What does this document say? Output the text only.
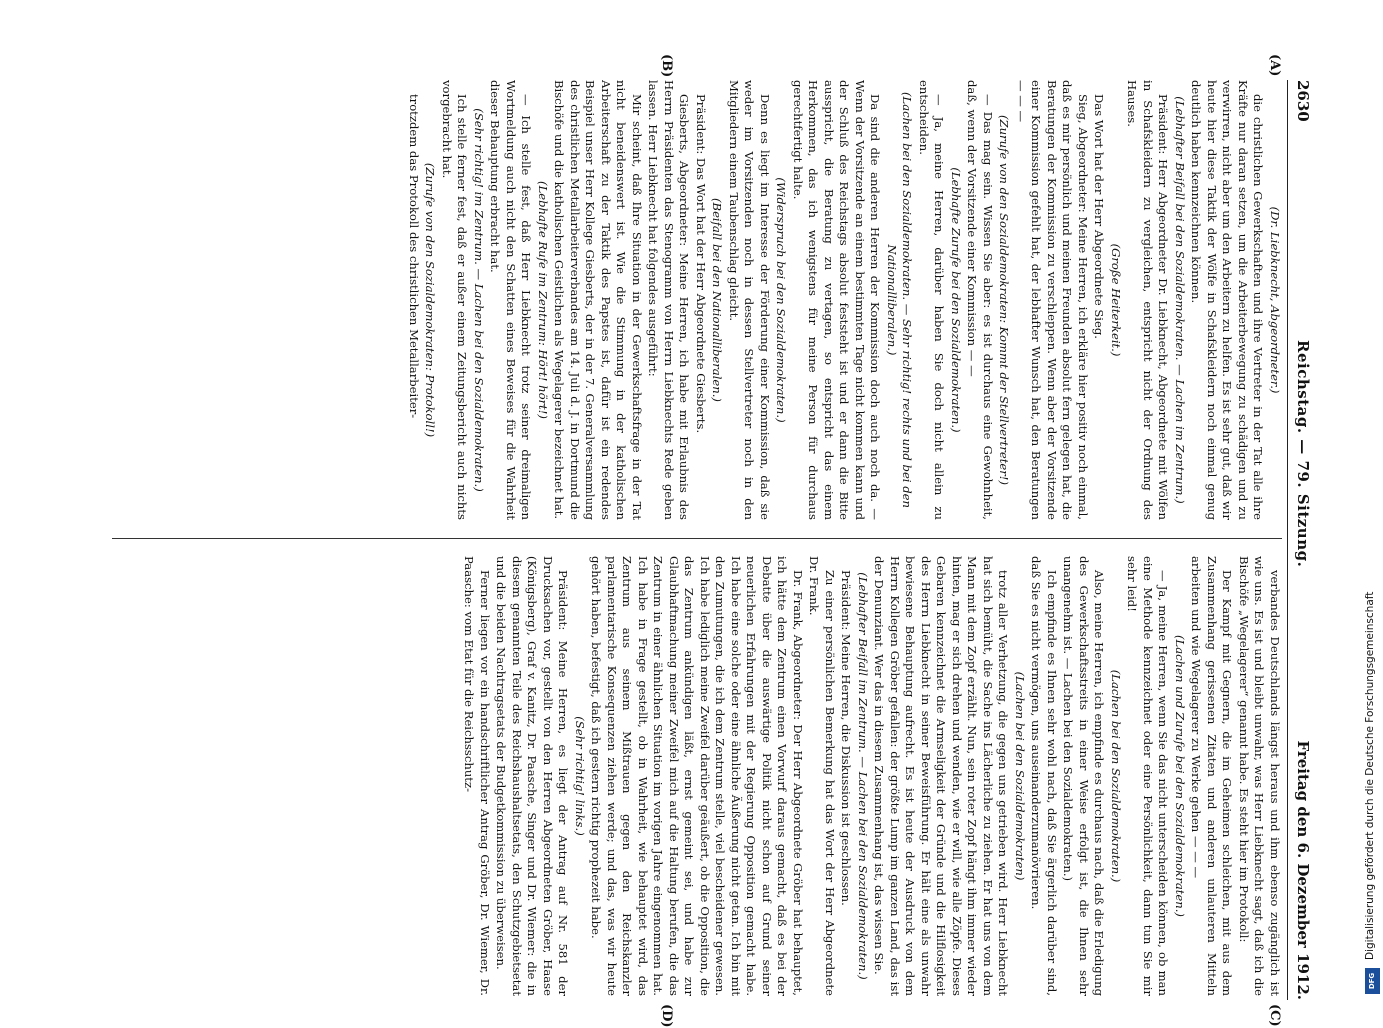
2630
Reichstag. — 79. Sitzung.
Freitag den 6. Dezember 1912.

(Dr. Liebknecht, Abgeordneter.)

die christlichen Gewerkschaften und ihre Vertreter in der Tat alle ihre Kräfte nur daran setzen, um die Arbeiterbewegung zu schädigen und zu verwirren, nicht aber um den Arbeitern zu helfen. Es ist sehr gut, daß wir heute hier diese Taktik der Wölfe in Schafskleidern noch einmal genug deutlich haben kennzeichnen können.

(Lebhafter Beifall bei den Sozialdemokraten. — Lachen im Zentrum.)

Präsident: Herr Abgeordneter Dr. Liebknecht, Abgeordnete mit Wölfen in Schafskleidern zu vergleichen, entspricht nicht der Ordnung des Hauses.

(Große Heiterkeit.)

Das Wort hat der Herr Abgeordnete Sieg.

Sieg, Abgeordneter: Meine Herren, ich erkläre hier positiv noch einmal, daß es mir persönlich und meinen Freunden absolut fern gelegen hat, die Beratungen der Kommission zu verschleppen. Wenn aber der Vorsitzende einer Kommission gefehlt hat, der lebhafter Wunsch hat, den Beratungen — — —

(Zurufe von den Sozialdemokraten: Kommt der Stellvertreter!)

— Das mag sein. Wissen Sie aber: es ist durchaus eine Gewohnheit, daß, wenn der Vorsitzende einer Kommission — —

(Lebhafte Zurufe bei den Sozialdemokraten.)

— Ja, meine Herren, darüber haben Sie doch nicht allein zu entscheiden.

(Lachen bei den Sozialdemokraten. — Sehr richtig! rechts und bei den Nationalliberalen.)

Da sind die anderen Herren der Kommission doch auch noch da. — Wenn der Vorsitzende an einem bestimmten Tage nicht kommen kann und der Schluß des Reichstags absolut feststeht ist und er dann die Bitte ausspricht, die Beratung zu vertagen, so entspricht das einem Herkommen, das ich wenigstens für meine Person für durchaus gerechtfertigt halte.

(Widerspruch bei den Sozialdemokraten.)

Denn es liegt im Interesse der Förderung einer Kommission, daß sie weder im Vorsitzenden noch in dessen Stellvertreter noch in den Mitgliedern einem Taubenschlag gleicht.

(Beifall bei den Nationalliberalen.)

Präsident: Das Wort hat der Herr Abgeordnete Giesberts.

Giesberts, Abgeordneter: Meine Herren, ich habe mit Erlaubnis des Herrn Präsidenten das Stenogramm von Herrn Liebknechts Rede geben lassen. Herr Liebknecht hat folgendes ausgeführt:

Mir scheint, daß Ihre Situation in der Gewerkschaftsfrage in der Tat nicht beneidenswert ist. Wie die Stimmung in der katholischen Arbeiterschaft zu der Taktik des Papstes ist, dafür ist ein redendes Beispiel unser Herr Kollege Giesberts, der in der 7. Generalversammlung des christlichen Metallarbeiterverbandes am 14. Juli d. J. in Dortmund die Bischöfe und die katholischen Geistlichen als Wegelagerer bezeichnet hat.

(Lebhafte Rufe im Zentrum: Hört! hört!)

— Ich stelle fest, daß Herr Liebknecht trotz seiner dreimaligen Wortmeldung auch nicht den Schatten eines Beweises für die Wahrheit dieser Behauptung erbracht hat.

(Sehr richtig! im Zentrum. — Lachen bei den Sozialdemokraten.)

Ich stelle ferner fest, daß er außer einem Zeitungsbericht auch nichts vorgebracht hat.

(Zurufe von den Sozialdemokraten: Protokoll!)

trotzdem das Protokoll des christlichen Metallarbeiter-

verbandes Deutschlands längst heraus und ihm ebenso zugänglich ist wie uns. Es ist und bleibt unwahr, was Herr Liebknecht sagt, daß ich die Bischöfe „Wegelagerer“ genannt habe. Es steht hier im Protokoll:

Der Kampf mit Gegnern, die im Geheimen schleichen, mit aus dem Zusammenhang gerissenen Zitaten und anderen unlauteren Mitteln arbeiten und wie Wegelagerer zu Werke gehen — — —

(Lachen und Zurufe bei den Sozialdemokraten.)

— Ja, meine Herren, wenn Sie das nicht unterscheiden können, ob man eine Methode kennzeichnet oder eine Persönlichkeit, dann tun Sie mir sehr leid!

(Lachen bei den Sozialdemokraten.)

Also, meine Herren, ich empfinde es durchaus nach, daß die Erledigung des Gewerkschaftsstreits in einer Weise erfolgt ist, die Ihnen sehr unangenehm ist. — Lachen bei den Sozialdemokraten.)

Ich empfinde es Ihnen sehr wohl nach, daß Sie ärgerlich darüber sind, daß Sie es nicht vermögen, uns auseinanderzumanövrieren.

(Lachen bei den Sozialdemokraten)

trotz aller Verhetzung, die gegen uns getrieben wird. Herr Liebknecht hat sich bemüht, die Sache ins Lächerliche zu ziehen. Er hat uns von dem Mann mit dem Zopf erzählt. Nun, sein roter Zopf hängt ihm immer wieder hinten, mag er sich drehen und wenden, wie er will, wie alle Zöpfe. Dieses Gebaren kennzeichnet die Armseligkeit der Gründe und die Hilflosigkeit des Herrn Liebknecht in seiner Beweisführung. Er hält eine als unwahr bewiesene Behauptung aufrecht. Es ist heute der Ausdruck von dem Herrn Kollegen Gröber gefallen: der größte Lump im ganzen Land, das ist der Denunziant. Wer das in diesem Zusammenhang ist, das wissen Sie.

(Lebhafter Beifall im Zentrum. — Lachen bei den Sozialdemokraten.)

Präsident: Meine Herren, die Diskussion ist geschlossen.

Zu einer persönlichen Bemerkung hat das Wort der Herr Abgeordnete Dr. Frank.

Dr. Frank, Abgeordneter: Der Herr Abgeordnete Gröber hat behauptet, ich hätte dem Zentrum einen Vorwurf daraus gemacht, daß es bei der Debatte über die auswärtige Politik nicht schon auf Grund seiner neuerlichen Erfahrungen mit der Regierung Opposition gemacht habe. Ich habe eine solche oder eine ähnliche Äußerung nicht getan. Ich bin mit den Zumutungen, die ich dem Zentrum stelle, viel bescheidener gewesen. Ich habe lediglich meine Zweifel darüber geäußert, ob die Opposition, die das Zentrum ankündigen läßt, ernst gemeint sei, und habe zur Glaubhaftmachung meiner Zweifel mich auf die Haltung berufen, die das Zentrum in einer ähnlichen Situation im vorigen Jahre eingenommen hat. Ich habe in Frage gestellt, ob in Wahrheit, wie behauptet wird, das Zentrum aus seinem Mißtrauen gegen den Reichskanzler parlamentarische Konsequenzen ziehen werde; und das, was wir heute gehört haben, befestigt, daß ich gestern richtig prophezeit habe.

(Sehr richtig! links.)

Präsident: Meine Herren, es liegt der Antrag auf Nr. 581 der Drucksachen vor, gestellt von den Herren Abgeordneten Gröber, Haase (Königsberg), Graf v. Kanitz, Dr. Paasche, Singer und Dr. Wiemer: die in diesem genannten Teile des Reichshaushaltsetats, den Schutzgebietsetat und die beiden Nachtragsetats der Budgetkommission zu überweisen.

Ferner liegen vor ein handschriftlicher Antrag Gröber, Dr. Wiemer, Dr. Paasche: vom Etat für die Reichsschutz-

(A)
(B)
(C)
(D)
Digitalisierung gefördert durch die Deutsche Forschungsgemeinschaft
DFG
